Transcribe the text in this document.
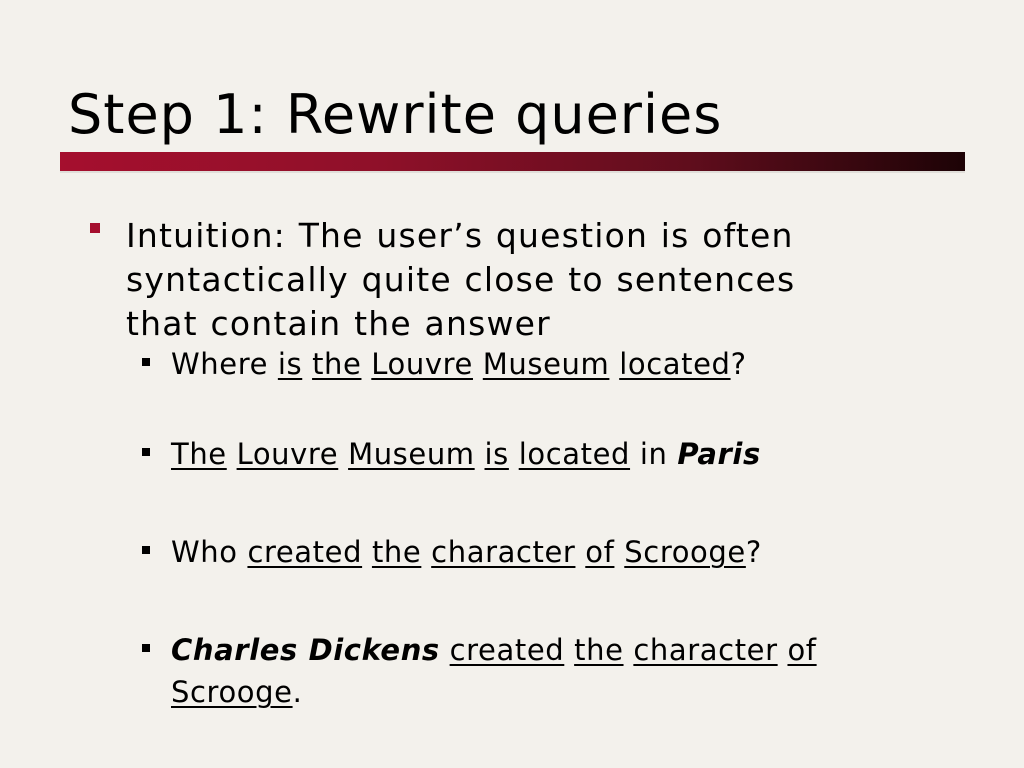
Step 1: Rewrite queries
Intuition: The user’s question is often syntactically quite close to sentences that contain the answer
Where is the Louvre Museum located?
The Louvre Museum is located in Paris
Who created the character of Scrooge?
Charles Dickens created the character of Scrooge.
